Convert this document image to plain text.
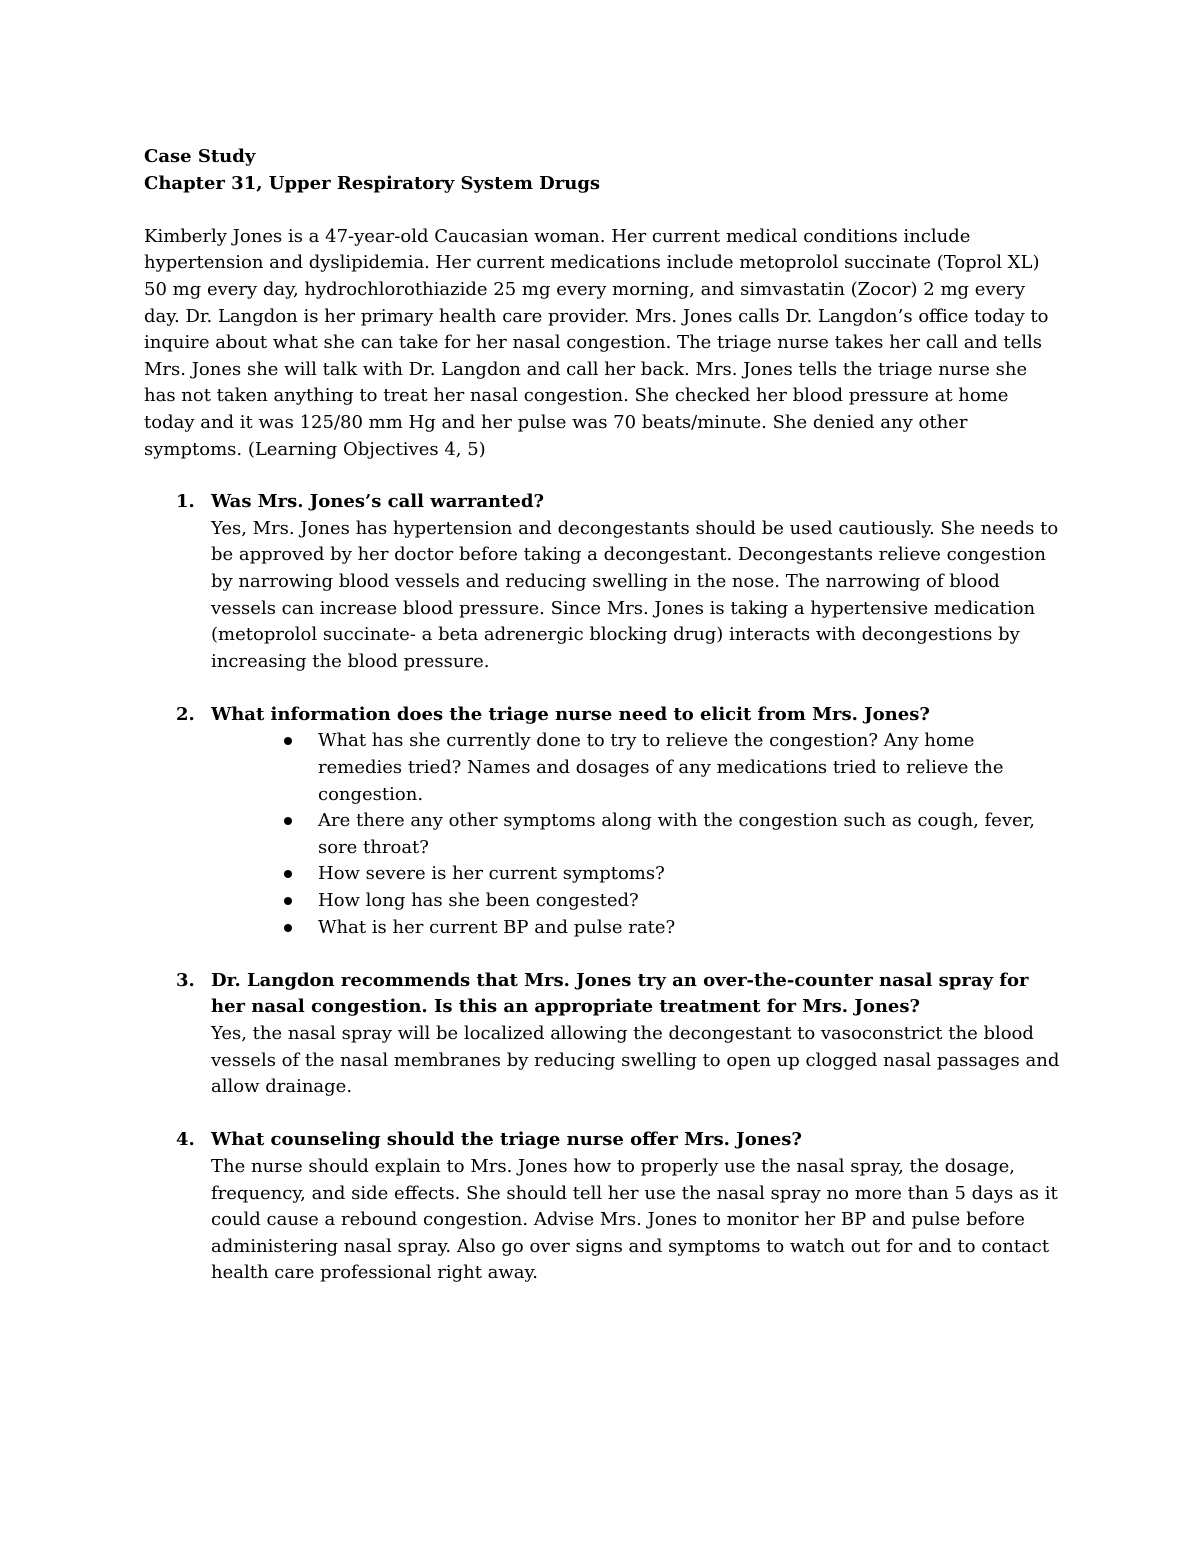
Case Study

Chapter 31, Upper Respiratory System Drugs

Kimberly Jones is a 47-year-old Caucasian woman. Her current medical conditions include hypertension and dyslipidemia. Her current medications include metoprolol succinate (Toprol XL) 50 mg every day, hydrochlorothiazide 25 mg every morning, and simvastatin (Zocor) 2 mg every day. Dr. Langdon is her primary health care provider. Mrs. Jones calls Dr. Langdon’s office today to inquire about what she can take for her nasal congestion. The triage nurse takes her call and tells Mrs. Jones she will talk with Dr. Langdon and call her back. Mrs. Jones tells the triage nurse she has not taken anything to treat her nasal congestion. She checked her blood pressure at home today and it was 125/80 mm Hg and her pulse was 70 beats/minute. She denied any other symptoms. (Learning Objectives 4, 5)

1. Was Mrs. Jones’s call warranted?

Yes, Mrs. Jones has hypertension and decongestants should be used cautiously. She needs to be approved by her doctor before taking a decongestant. Decongestants relieve congestion by narrowing blood vessels and reducing swelling in the nose. The narrowing of blood vessels can increase blood pressure. Since Mrs. Jones is taking a hypertensive medication (metoprolol succinate- a beta adrenergic blocking drug) interacts with decongestions by increasing the blood pressure.

2. What information does the triage nurse need to elicit from Mrs. Jones?

What has she currently done to try to relieve the congestion? Any home remedies tried? Names and dosages of any medications tried to relieve the congestion.
Are there any other symptoms along with the congestion such as cough, fever, sore throat?
How severe is her current symptoms?
How long has she been congested?
What is her current BP and pulse rate?
3. Dr. Langdon recommends that Mrs. Jones try an over-the-counter nasal spray for her nasal congestion. Is this an appropriate treatment for Mrs. Jones?

Yes, the nasal spray will be localized allowing the decongestant to vasoconstrict the blood vessels of the nasal membranes by reducing swelling to open up clogged nasal passages and allow drainage.

4. What counseling should the triage nurse offer Mrs. Jones?

The nurse should explain to Mrs. Jones how to properly use the nasal spray, the dosage, frequency, and side effects. She should tell her use the nasal spray no more than 5 days as it could cause a rebound congestion. Advise Mrs. Jones to monitor her BP and pulse before administering nasal spray. Also go over signs and symptoms to watch out for and to contact health care professional right away.
